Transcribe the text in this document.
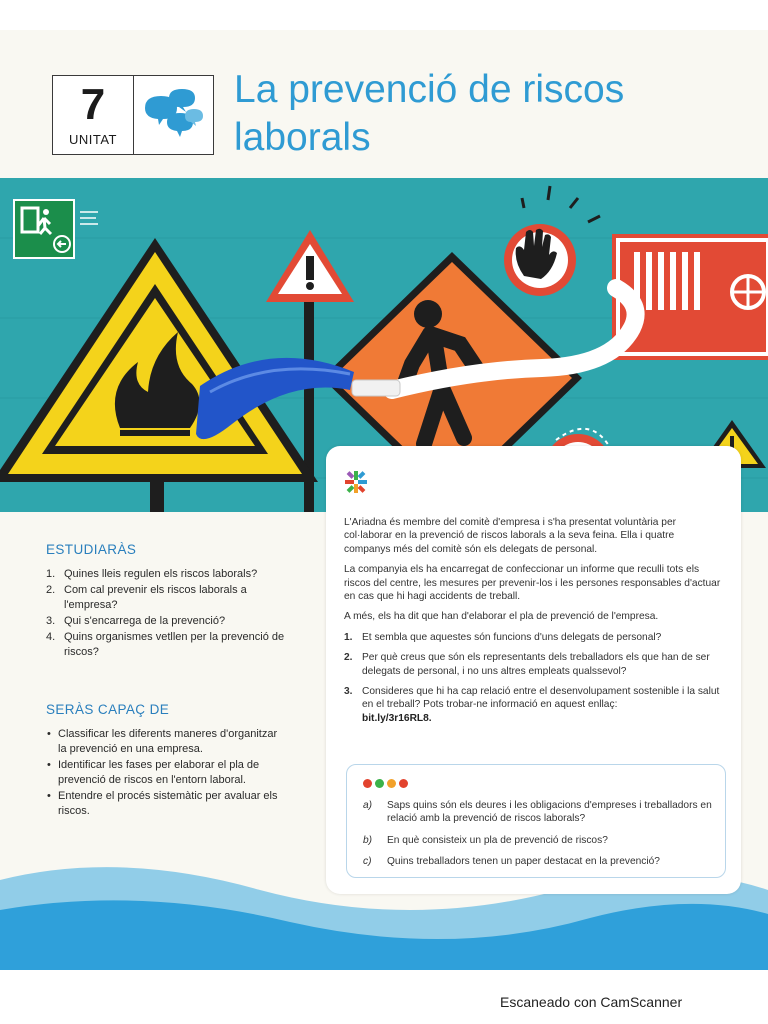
7
UNITAT
La prevenció de riscos
laborals
ESTUDIARÀS
1. Quines lleis regulen els riscos laborals?
2. Com cal prevenir els riscos laborals a l'empresa?
3. Qui s'encarrega de la prevenció?
4. Quins organismes vetllen per la prevenció de riscos?
SERÀS CAPAÇ DE
• Classificar les diferents maneres d'organitzar la prevenció en una empresa.
• Identificar les fases per elaborar el pla de prevenció de riscos en l'entorn laboral.
• Entendre el procés sistemàtic per avaluar els riscos.

L'Ariadna és membre del comitè d'empresa i s'ha presentat voluntària per col·laborar en la prevenció de riscos laborals a la seva feina. Ella i quatre companys més del comitè són els delegats de personal.

La companyia els ha encarregat de confeccionar un informe que reculli tots els riscos del centre, les mesures per prevenir-los i les persones responsables d'actuar en cas que hi hagi accidents de treball.

A més, els ha dit que han d'elaborar el pla de prevenció de l'empresa.

1. Et sembla que aquestes són funcions d'uns delegats de personal?
2. Per què creus que són els representants dels treballadors els que han de ser delegats de personal, i no uns altres empleats qualssevol?
3. Consideres que hi ha cap relació entre el desenvolupament sostenible i la salut en el treball? Pots trobar-ne informació en aquest enllaç:
bit.ly/3r16RL8.
a) Saps quins són els deures i les obligacions d'empreses i treballadors en relació amb la prevenció de riscos laborals?
b) En què consisteix un pla de prevenció de riscos?
c) Quins treballadors tenen un paper destacat en la prevenció?
Escaneado con CamScanner
